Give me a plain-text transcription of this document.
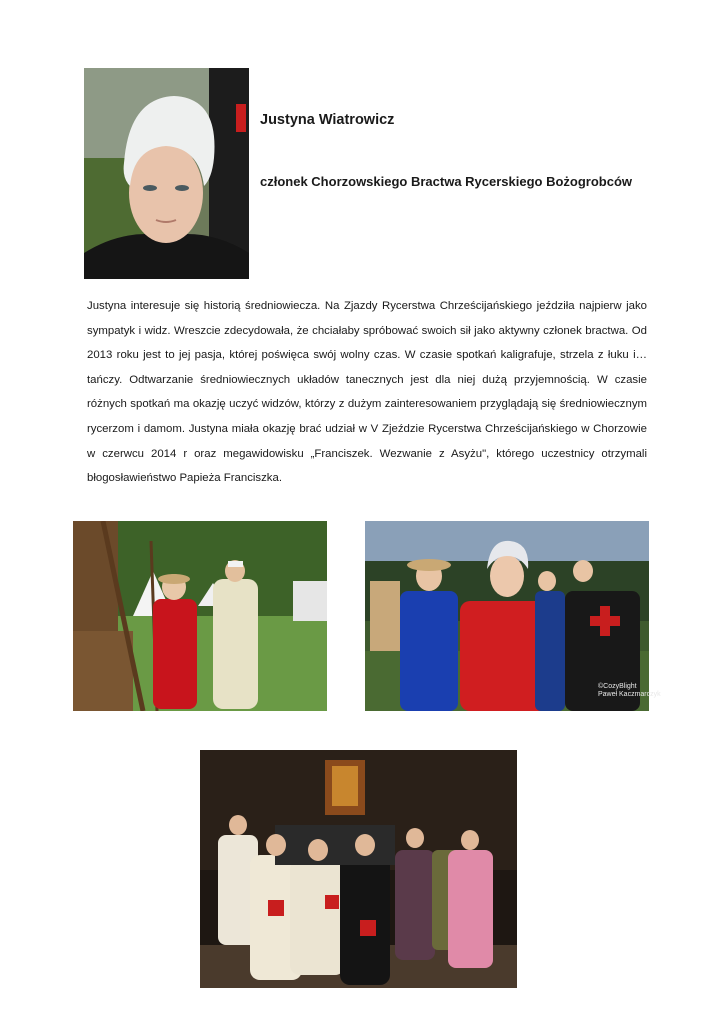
Justyna Wiatrowicz

członek Chorzowskiego Bractwa Rycerskiego Bożogrobców

Justyna interesuje się historią średniowiecza. Na Zjazdy Rycerstwa Chrześcijańskiego jeździła najpierw jako sympatyk i widz. Wreszcie zdecydowała, że chciałaby spróbować swoich sił jako aktywny członek bractwa. Od 2013 roku jest to jej pasja, której poświęca swój wolny czas. W czasie spotkań kaligrafuje, strzela z łuku i… tańczy. Odtwarzanie średniowiecznych układów tanecznych jest dla niej dużą przyjemnością. W czasie różnych spotkań ma okazję uczyć widzów, którzy z dużym zainteresowaniem przyglądają się średniowiecznym rycerzom i damom. Justyna miała okazję brać udział w V Zjeździe Rycerstwa Chrześcijańskiego w Chorzowie w czerwcu 2014 r oraz megawidowisku „Franciszek. Wezwanie z Asyżu", którego uczestnicy otrzymali błogosławieństwo Papieża Franciszka.

©CozyBlight
Paweł Kaczmarczyk
